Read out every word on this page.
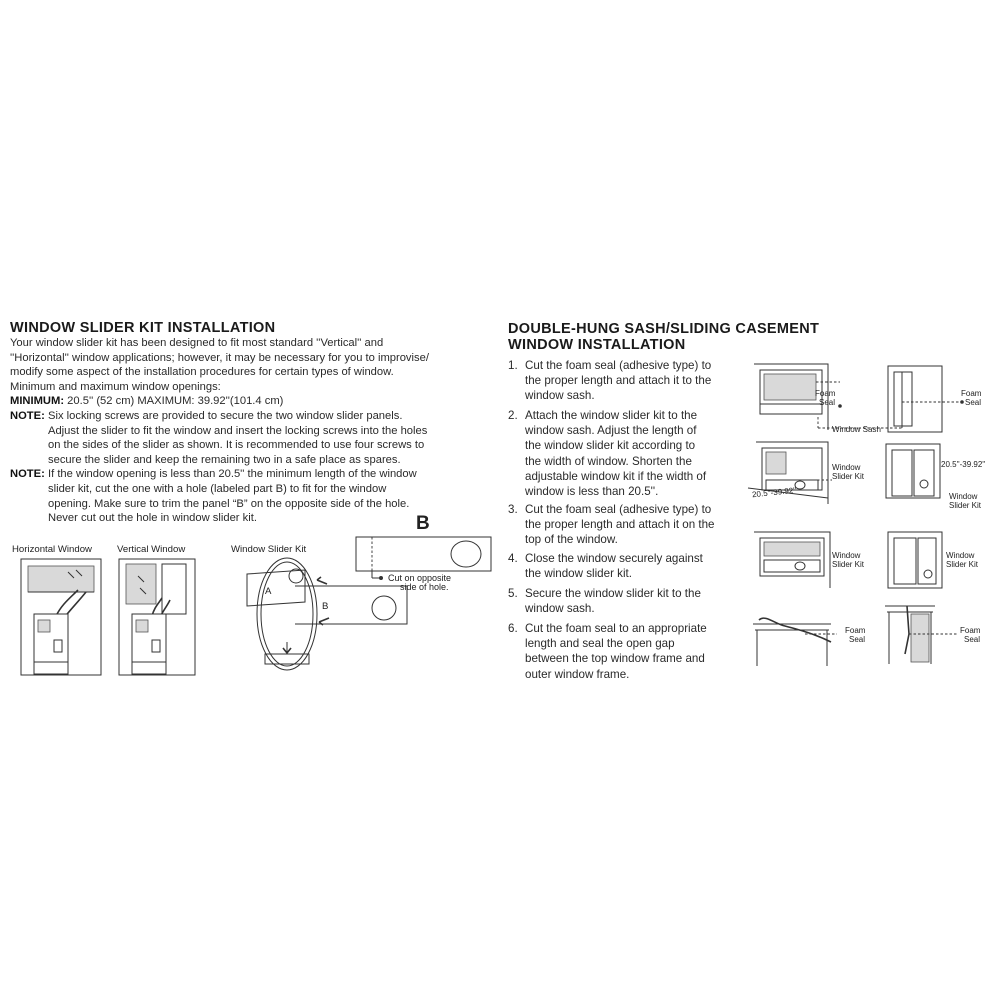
WINDOW SLIDER KIT INSTALLATION
Your window slider kit has been designed to fit most standard ''Vertical'' and
''Horizontal'' window applications; however, it may be necessary for you to improvise/
modify some aspect of the installation procedures for certain types of window.
Minimum and maximum window openings:
MINIMUM: 20.5'' (52 cm) MAXIMUM: 39.92''(101.4 cm)
NOTE: Six locking screws are provided to secure the two window slider panels.
Adjust the slider to fit the window and insert the locking screws into the holes
on the sides of the slider as shown. It is recommended to use four screws to
secure the slider and keep the remaining two in a safe place as spares.
NOTE: If the window opening is less than 20.5'' the minimum length of the window
slider kit, cut the one with a hole (labeled part B) to fit for the window
opening. Make sure to trim the panel “B” on the opposite side of the hole.
Never cut out the hole in window slider kit.
Horizontal Window	Vertical Window	Window Slider Kit
A
B
B
Cut on opposite
side of hole.
DOUBLE-HUNG SASH/SLIDING CASEMENT
WINDOW INSTALLATION
1. Cut the foam seal (adhesive type) to
the proper length and attach it to the
window sash.
2. Attach the window slider kit to the
window sash. Adjust the length of
the window slider kit according to
the width of window. Shorten the
adjustable window kit if the width of
window is less than 20.5''.
3. Cut the foam seal (adhesive type) to
the proper length and attach it on the
top of the window.
4. Close the window securely against
the window slider kit.
5. Secure the window slider kit to the
window sash.
6. Cut the foam seal to an appropriate
length and seal the open gap
between the top window frame and
outer window frame.
Foam
Seal
Foam
Seal
Window Sash
Window
Slider Kit
20.5''-39.92''
20.5''-39.92''
Window
Slider Kit
Window
Slider Kit
Window
Slider Kit
Foam
Seal
Foam
Seal
